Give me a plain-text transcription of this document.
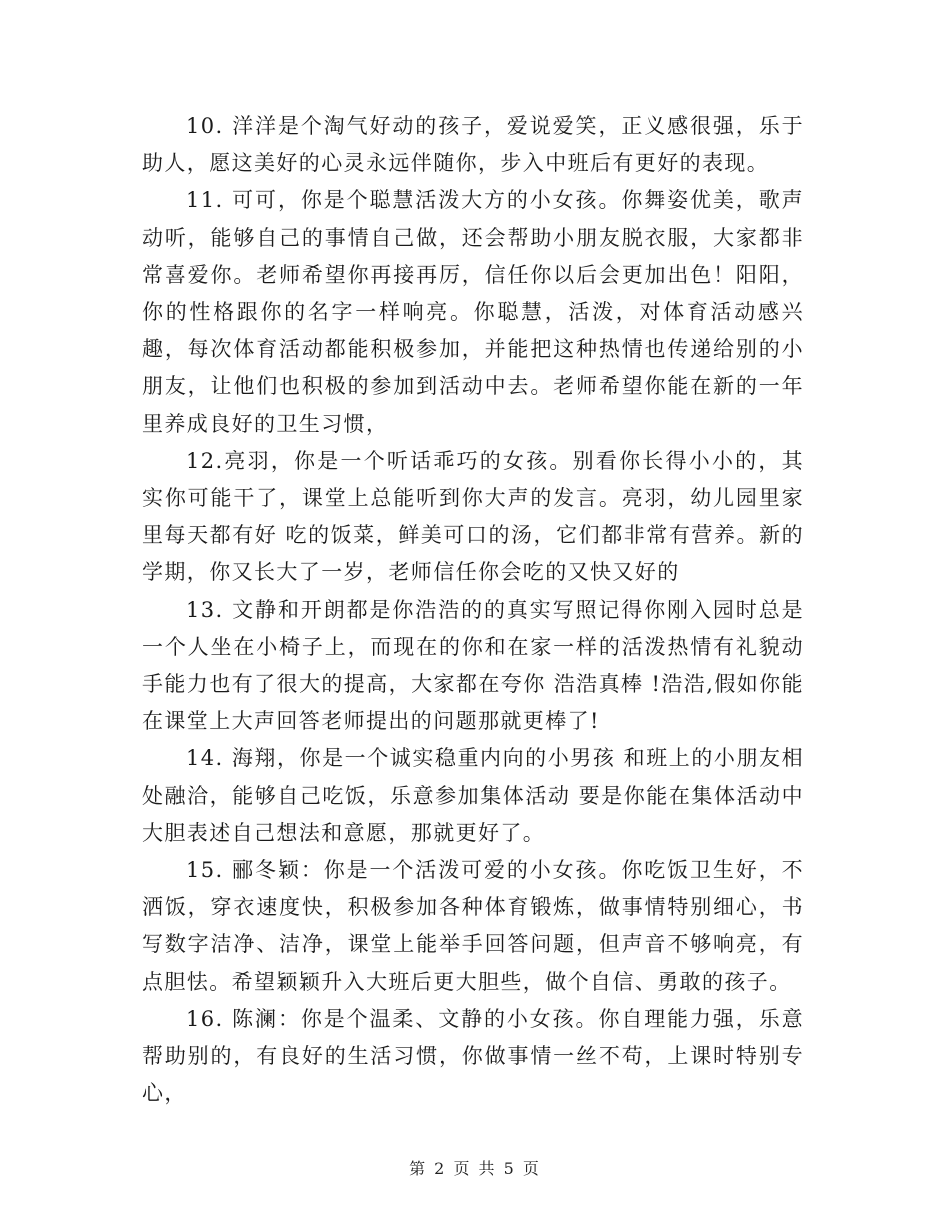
10. 洋洋是个淘气好动的孩子，爱说爱笑，正义感很强，乐于助人，愿这美好的心灵永远伴随你，步入中班后有更好的表现。

11. 可可，你是个聪慧活泼大方的小女孩。你舞姿优美，歌声动听，能够自己的事情自己做，还会帮助小朋友脱衣服，大家都非常喜爱你。老师希望你再接再厉，信任你以后会更加出色！阳阳，你的性格跟你的名字一样响亮。你聪慧，活泼，对体育活动感兴趣，每次体育活动都能积极参加，并能把这种热情也传递给别的小朋友，让他们也积极的参加到活动中去。老师希望你能在新的一年里养成良好的卫生习惯，

12.亮羽，你是一个听话乖巧的女孩。别看你长得小小的，其实你可能干了，课堂上总能听到你大声的发言。亮羽，幼儿园里家里每天都有好 吃的饭菜，鲜美可口的汤，它们都非常有营养。新的学期，你又长大了一岁，老师信任你会吃的又快又好的

13. 文静和开朗都是你浩浩的的真实写照记得你刚入园时总是一个人坐在小椅子上，而现在的你和在家一样的活泼热情有礼貌动手能力也有了很大的提高，大家都在夸你 浩浩真棒 !浩浩,假如你能在课堂上大声回答老师提出的问题那就更棒了!

14. 海翔，你是一个诚实稳重内向的小男孩 和班上的小朋友相处融洽，能够自己吃饭，乐意参加集体活动 要是你能在集体活动中大胆表述自己想法和意愿，那就更好了。

15. 郦冬颖：你是一个活泼可爱的小女孩。你吃饭卫生好，不洒饭，穿衣速度快，积极参加各种体育锻炼，做事情特别细心，书写数字洁净、洁净，课堂上能举手回答问题，但声音不够响亮，有点胆怯。希望颖颖升入大班后更大胆些，做个自信、勇敢的孩子。

16. 陈澜：你是个温柔、文静的小女孩。你自理能力强，乐意帮助别的，有良好的生活习惯，你做事情一丝不苟，上课时特别专心，

第 2 页 共 5 页
